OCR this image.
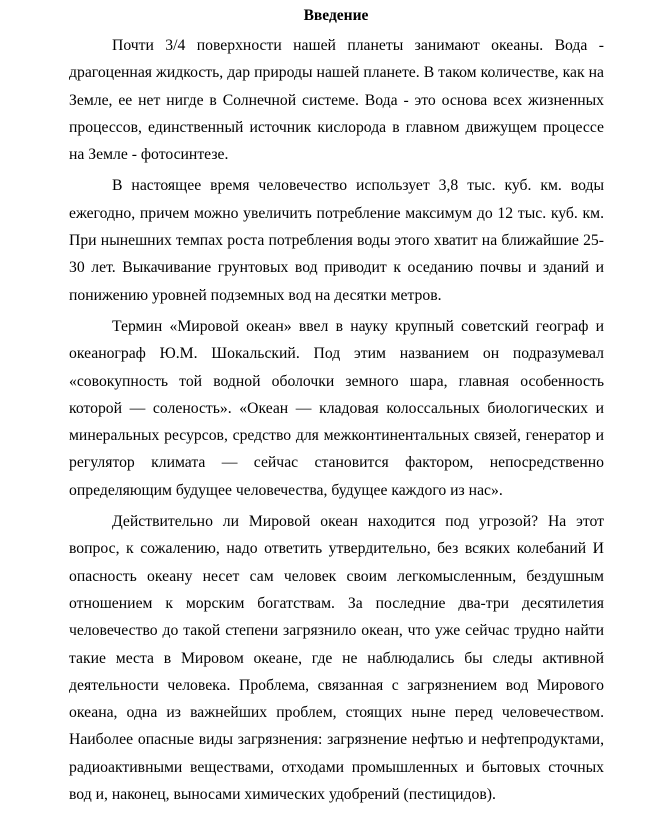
Введение

Почти 3/4 поверхности нашей планеты занимают океаны. Вода - драгоценная жидкость, дар природы нашей планете. В таком количестве, как на Земле, ее нет нигде в Солнечной системе. Вода - это основа всех жизненных процессов, единственный источник кислорода в главном движущем процессе на Земле - фотосинтезе.

В настоящее время человечество использует 3,8 тыс. куб. км. воды ежегодно, причем можно увеличить потребление максимум до 12 тыс. куб. км. При нынешних темпах роста потребления воды этого хватит на ближайшие 25-30 лет. Выкачивание грунтовых вод приводит к оседанию почвы и зданий и понижению уровней подземных вод на десятки метров.

Термин «Мировой океан» ввел в науку крупный советский географ и океанограф Ю.М. Шокальский. Под этим названием он подразумевал «совокупность той водной оболочки земного шара, главная особенность которой — соленость». «Океан — кладовая колоссальных биологических и минеральных ресурсов, средство для межконтинентальных связей, генератор и регулятор климата — сейчас становится фактором, непосредственно определяющим будущее человечества, будущее каждого из нас».

Действительно ли Мировой океан находится под угрозой? На этот вопрос, к сожалению, надо ответить утвердительно, без всяких колебаний И опасность океану несет сам человек своим легкомысленным, бездушным отношением к морским богатствам. За последние два-три десятилетия человечество до такой степени загрязнило океан, что уже сейчас трудно найти такие места в Мировом океане, где не наблюдались бы следы активной деятельности человека. Проблема, связанная с загрязнением вод Мирового океана, одна из важнейших проблем, стоящих ныне перед человечеством. Наиболее опасные виды загрязнения: загрязнение нефтью и нефтепродуктами, радиоактивными веществами, отходами промышленных и бытовых сточных вод и, наконец, выносами химических удобрений (пестицидов).
